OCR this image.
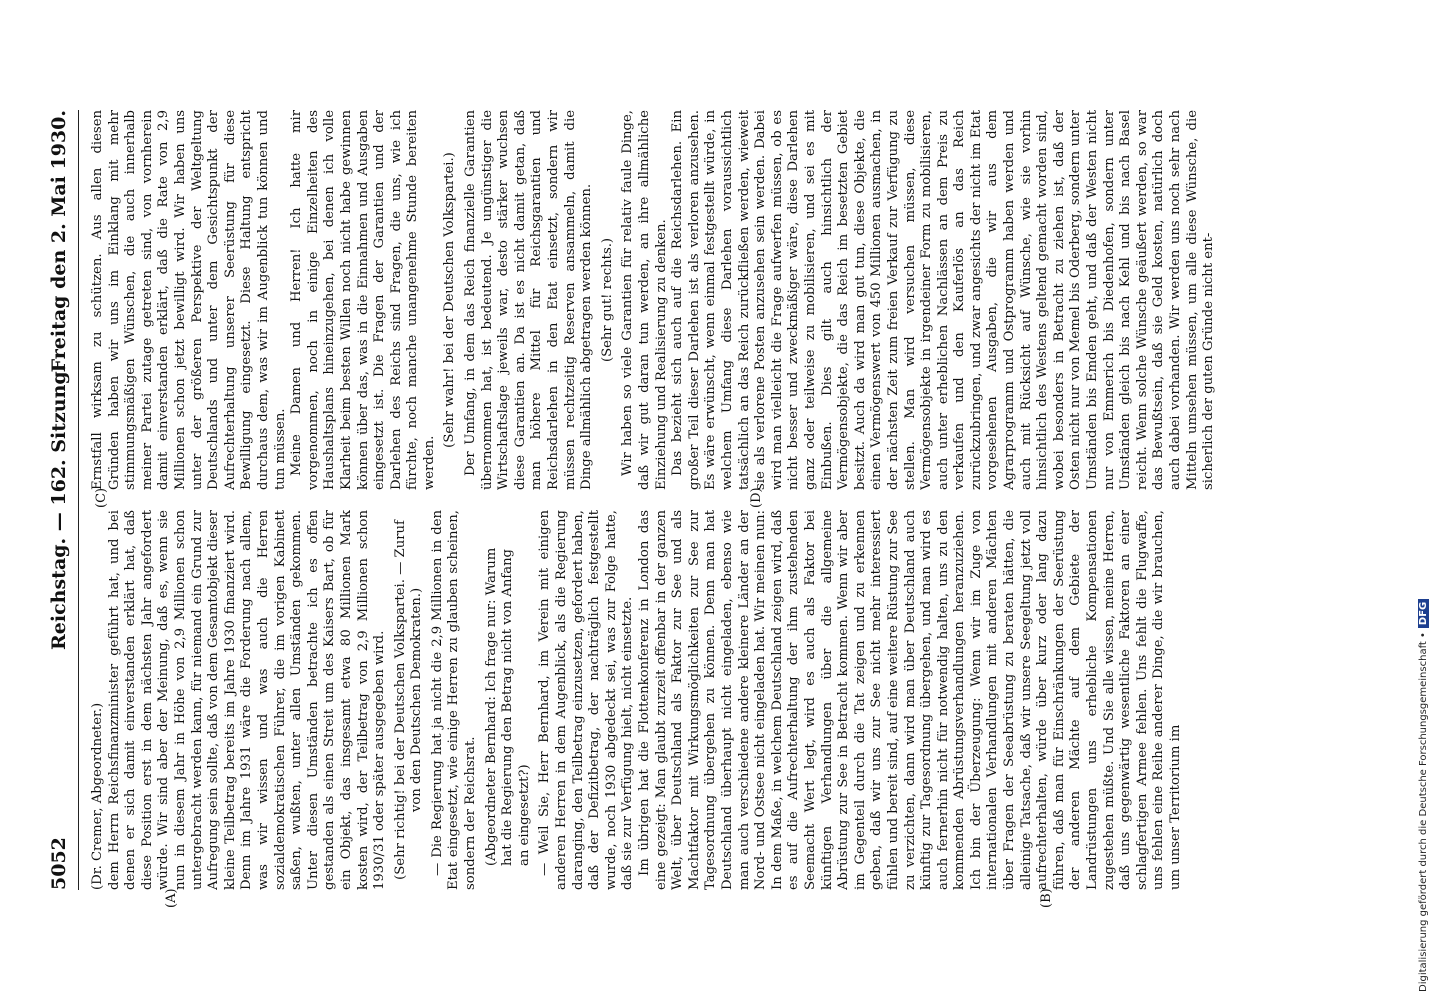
5052
Reichstag. — 162. Sitzung.
Freitag den 2. Mai 1930.
(A)	(B)
(C)	(D)

(Dr. Cremer, Abgeordneter.) dem Herrn Reichsfinanzminister geführt hat, und bei denen er sich damit einverstanden erklärt hat, daß diese Position erst in dem nächsten Jahr angefordert würde. Wir sind aber der Meinung, daß es, wenn sie nun in diesem Jahr in Höhe von 2,9 Millionen schon untergebracht werden kann, für niemand ein Grund zur Aufregung sein sollte, daß von dem Gesamtobjekt dieser kleine Teilbetrag bereits im Jahre 1930 finanziert wird. Denn im Jahre 1931 wäre die Forderung nach allem, was wir wissen und was auch die Herren sozialdemokratischen Führer, die im vorigen Kabinett saßen, wußten, unter allen Umständen gekommen. Unter diesen Umständen betrachte ich es offen gestanden als einen Streit um des Kaisers Bart, ob für ein Objekt, das insgesamt etwa 80 Millionen Mark kosten wird, der Teilbetrag von 2,9 Millionen schon 1930/31 oder später ausgegeben wird. (Sehr richtig! bei der Deutschen Volkspartei. — Zuruf von den Deutschen Demokraten.) — Die Regierung hat ja nicht die 2,9 Millionen in den Etat eingesetzt, wie einige Herren zu glauben scheinen, sondern der Reichsrat. (Abgeordneter Bernhard: Ich frage nur: Warum hat die Regierung den Betrag nicht von Anfang an eingesetzt?) — Weil Sie, Herr Bernhard, im Verein mit einigen anderen Herren in dem Augenblick, als die Regierung daranging, den Teilbetrag einzusetzen, gefordert haben, daß der Defizitbetrag, der nachträglich festgestellt wurde, noch 1930 abgedeckt sei, was zur Folge hatte, daß sie zur Verfügung hielt, nicht einsetzte. Im übrigen hat die Flottenkonferenz in London das eine gezeigt: Man glaubt zurzeit offenbar in der ganzen Welt, über Deutschland als Faktor zur See und als Machtfaktor mit Wirkungsmöglichkeiten zur See zur Tagesordnung übergehen zu können. Denn man hat Deutschland überhaupt nicht eingeladen, ebenso wie man auch verschiedene andere kleinere Länder an der Nord- und Ostsee nicht eingeladen hat. Wir meinen nun: In dem Maße, in welchem Deutschland zeigen wird, daß es auf die Aufrechterhaltung der ihm zustehenden Seemacht Wert legt, wird es auch als Faktor bei künftigen Verhandlungen über die allgemeine Abrüstung zur See in Betracht kommen. Wenn wir aber im Gegenteil durch die Tat zeigen und zu erkennen geben, daß wir uns zur See nicht mehr interessiert fühlen und bereit sind, auf eine weitere Rüstung zur See zu verzichten, dann wird man über Deutschland auch künftig zur Tagesordnung übergehen, und man wird es auch fernerhin nicht für notwendig halten, uns zu den kommenden Abrüstungsverhandlungen heranzuziehen. Ich bin der Überzeugung: Wenn wir im Zuge von internationalen Verhandlungen mit anderen Mächten über Fragen der Seeabrüstung zu beraten hätten, die alleinige Tatsache, daß wir unsere Seegeltung jetzt voll aufrechterhalten, würde über kurz oder lang dazu führen, daß man für Einschränkungen der Seerüstung der anderen Mächte auf dem Gebiete der Landrüstungen uns erhebliche Kompensationen zugestehen müßte. Und Sie alle wissen, meine Herren, daß uns gegenwärtig wesentliche Faktoren an einer schlagfertigen Armee fehlen. Uns fehlt die Flugwaffe, uns fehlen eine Reihe anderer Dinge, die wir brauchen, um unser Territorium im

Ernstfall wirksam zu schützen. Aus allen diesen Gründen haben wir uns im Einklang mit mehr stimmungsmäßigen Wünschen, die auch innerhalb meiner Partei zutage getreten sind, von vornherein damit einverstanden erklärt, daß die Rate von 2,9 Millionen schon jetzt bewilligt wird. Wir haben uns unter der größeren Perspektive der Weltgeltung Deutschlands und unter dem Gesichtspunkt der Aufrechterhaltung unserer Seerüstung für diese Bewilligung eingesetzt. Diese Haltung entspricht durchaus dem, was wir im Augenblick tun können und tun müssen. Meine Damen und Herren! Ich hatte mir vorgenommen, noch in einige Einzelheiten des Haushaltsplans hineinzugehen, bei denen ich volle Klarheit beim besten Willen noch nicht habe gewinnen können über das, was in die Einnahmen und Ausgaben eingesetzt ist. Die Fragen der Garantien und der Darlehen des Reichs sind Fragen, die uns, wie ich fürchte, noch manche unangenehme Stunde bereiten werden.

(Sehr wahr! bei der Deutschen Volkspartei.) Der Umfang, in dem das Reich finanzielle Garantien übernommen hat, ist bedeutend. Je ungünstiger die Wirtschaftslage jeweils war, desto stärker wuchsen diese Garantien an. Da ist es nicht damit getan, daß man höhere Mittel für Reichsgarantien und Reichsdarlehen in den Etat einsetzt, sondern wir müssen rechtzeitig Reserven ansammeln, damit die Dinge allmählich abgetragen werden können. (Sehr gut! rechts.) Wir haben so viele Garantien für relativ faule Dinge, daß wir gut daran tun werden, an ihre allmähliche Einziehung und Realisierung zu denken. Das bezieht sich auch auf die Reichsdarlehen. Ein großer Teil dieser Darlehen ist als verloren anzusehen. Es wäre erwünscht, wenn einmal festgestellt würde, in welchem Umfang diese Darlehen voraussichtlich tatsächlich an das Reich zurückfließen werden, wieweit sie als verlorene Posten anzusehen sein werden. Dabei wird man vielleicht die Frage aufwerfen müssen, ob es nicht besser und zweckmäßiger wäre, diese Darlehen ganz oder teilweise zu mobilisieren, und sei es mit Einbußen. Dies gilt auch hinsichtlich der Vermögensobjekte, die das Reich im besetzten Gebiet besitzt. Auch da wird man gut tun, diese Objekte, die einen Vermögenswert von 450 Millionen ausmachen, in der nächsten Zeit zum freien Verkauf zur Verfügung zu stellen. Man wird versuchen müssen, diese Vermögensobjekte in irgendeiner Form zu mobilisieren, auch unter erheblichen Nachlässen an dem Preis zu verkaufen und den Kauferlös an das Reich zurückzubringen, und zwar angesichts der nicht im Etat vorgesehenen Ausgaben, die wir aus dem Agrarprogramm und Ostprogramm haben werden und auch mit Rücksicht auf Wünsche, wie sie vorhin hinsichtlich des Westens geltend gemacht worden sind, wobei besonders in Betracht zu ziehen ist, daß der Osten nicht nur von Memel bis Oderberg, sondern unter Umständen bis Emden geht, und daß der Westen nicht nur von Emmerich bis Diedenhofen, sondern unter Umständen gleich bis nach Kehl und bis nach Basel reicht. Wenn solche Wünsche geäußert werden, so war das Bewußtsein, daß sie Geld kosten, natürlich doch auch dabei vorhanden. Wir werden uns noch sehr nach Mitteln umsehen müssen, um alle diese Wünsche, die sicherlich der guten Gründe nicht ent-

Digitalisierung gefördert durch die Deutsche Forschungsgemeinschaft •DFG
